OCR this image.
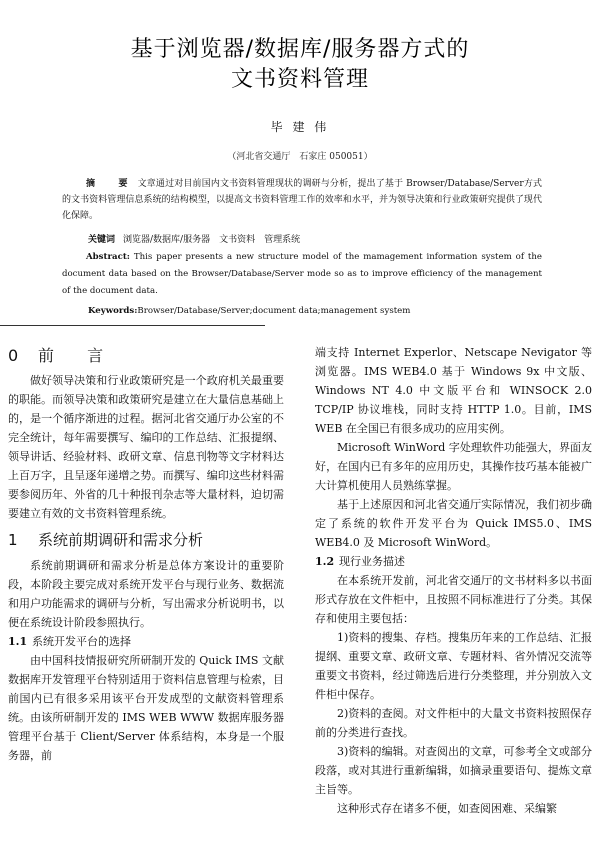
基于浏览器/数据库/服务器方式的
文书资料管理
毕 建 伟
（河北省交通厅　石家庄 050051）
摘 要文章通过对目前国内文书资料管理现状的调研与分析，提出了基于 Browser/Database/Server方式的文书资料管理信息系统的结构模型，以提高文书资料管理工作的效率和水平，并为领导决策和行业政策研究提供了现代化保障。
关键词 浏览器/数据库/服务器　文书资料　管理系统
Abstract: This paper presents a new structure model of the mamagement information system of the document data based on the Browser/Database/Server mode so as to improve efficiency of the management of the document data.
Keywords:Browser/Database/Server;document data;management system
0 前 言

做好领导决策和行业政策研究是一个政府机关最重要的职能。而领导决策和政策研究是建立在大量信息基础上的，是一个循序渐进的过程。据河北省交通厅办公室的不完全统计，每年需要撰写、编印的工作总结、汇报提纲、领导讲话、经验材料、政研文章、信息刊物等文字材料达上百万字，且呈逐年递增之势。而撰写、编印这些材料需要参阅历年、外省的几十种报刊杂志等大量材料，迫切需要建立有效的文书资料管理系统。

1 系统前期调研和需求分析

系统前期调研和需求分析是总体方案设计的重要阶段，本阶段主要完成对系统开发平台与现行业务、数据流和用户功能需求的调研与分析，写出需求分析说明书，以便在系统设计阶段参照执行。

1.1 系统开发平台的选择

由中国科技情报研究所研制开发的 Quick IMS 文献数据库开发管理平台特别适用于资料信息管理与检索，目前国内已有很多采用该平台开发成型的文献资料管理系统。由该所研制开发的 IMS WEB WWW 数据库服务器管理平台基于 Client/Server 体系结构，本身是一个服务器，前

端支持 Internet Experlor、Netscape Nevigator 等浏览器。IMS WEB4.0 基于 Windows 9x 中文版、Windows NT 4.0 中文版平台和 WINSOCK 2.0 TCP/IP 协议堆栈，同时支持 HTTP 1.0。目前，IMS WEB 在全国已有很多成功的应用实例。

Microsoft WinWord 字处理软件功能强大，界面友好，在国内已有多年的应用历史，其操作技巧基本能被广大计算机使用人员熟练掌握。

基于上述原因和河北省交通厅实际情况，我们初步确定了系统的软件开发平台为 Quick IMS5.0、IMS WEB4.0 及 Microsoft WinWord。

1.2 现行业务描述

在本系统开发前，河北省交通厅的文书材料多以书面形式存放在文件柜中，且按照不同标准进行了分类。其保存和使用主要包括：

1)资料的搜集、存档。搜集历年来的工作总结、汇报提纲、重要文章、政研文章、专题材料、省外情况交流等重要文书资料，经过筛选后进行分类整理，并分别放入文件柜中保存。

2)资料的查阅。对文件柜中的大量文书资料按照保存前的分类进行查找。

3)资料的编辑。对查阅出的文章，可参考全文或部分段落，或对其进行重新编辑，如摘录重要语句、提炼文章主旨等。

这种形式存在诸多不便，如查阅困难、采编繁
